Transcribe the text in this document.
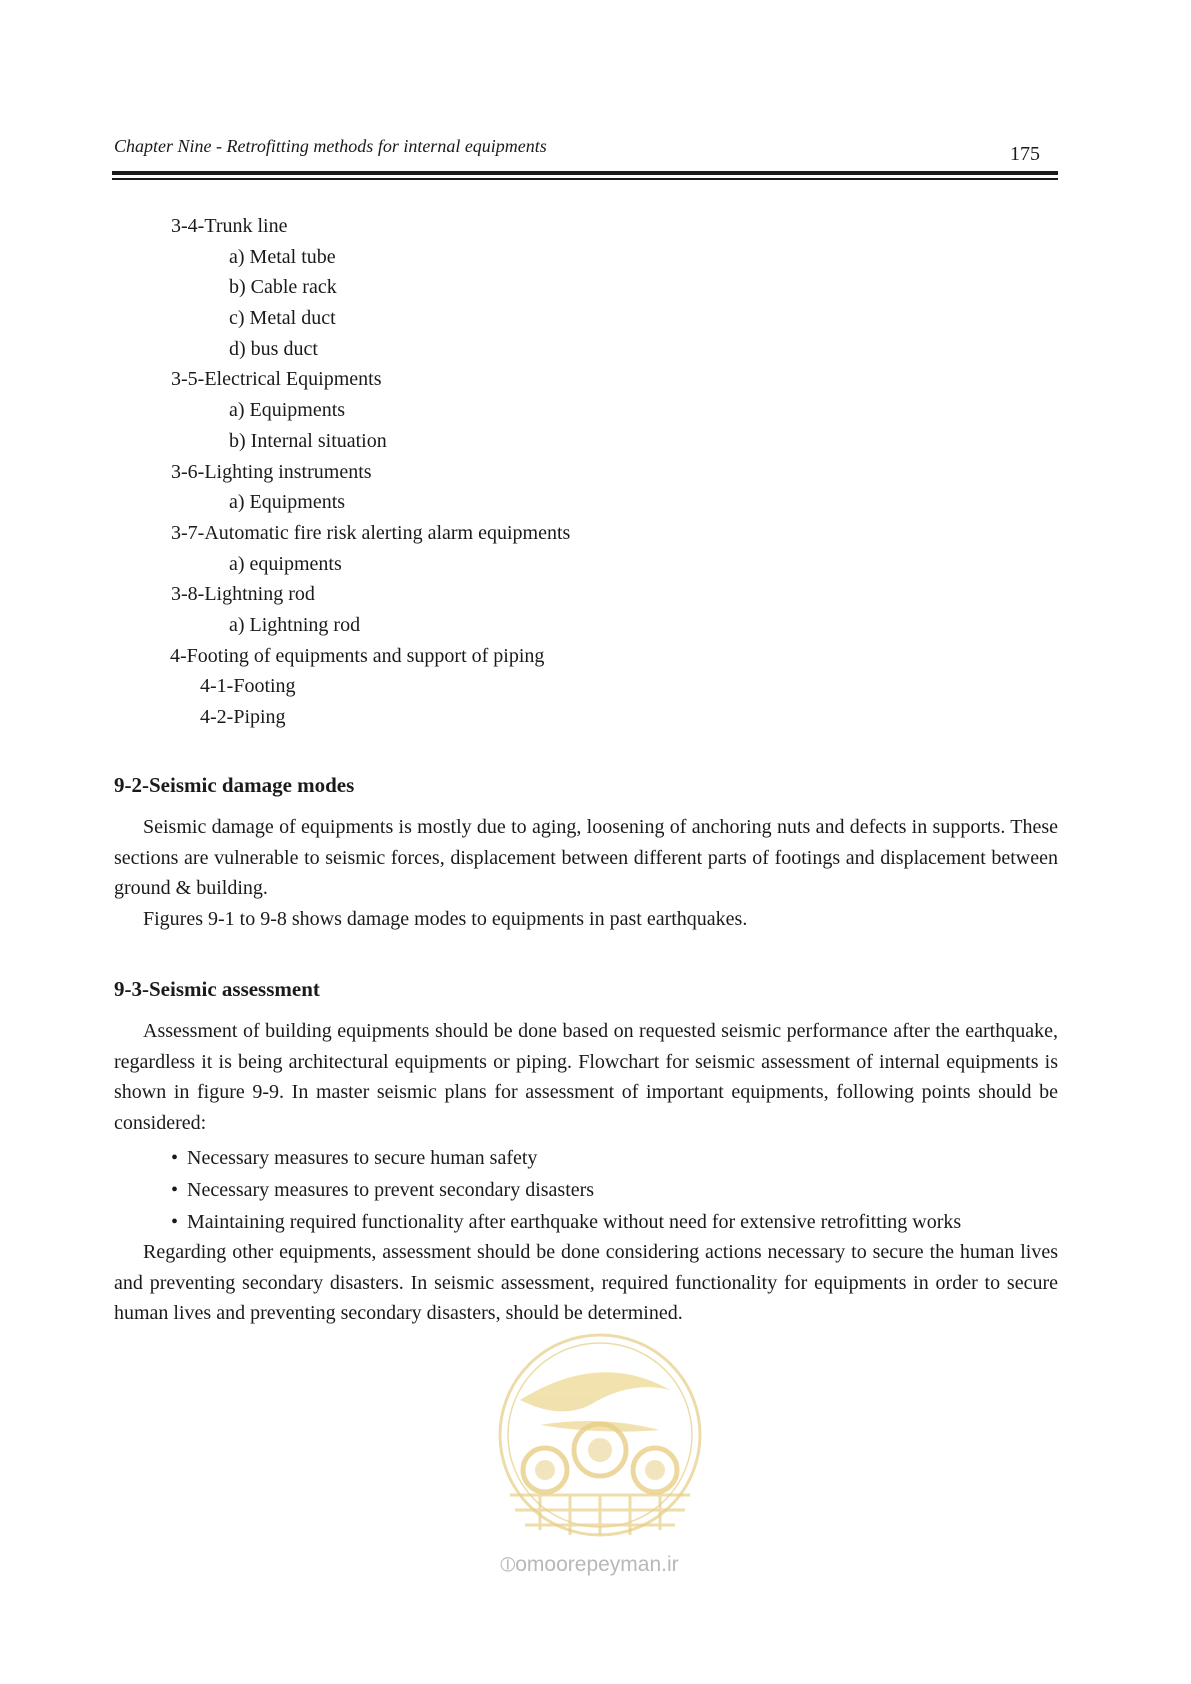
Chapter Nine - Retrofitting methods for internal equipments	175
3-4-Trunk line
a) Metal tube
b) Cable rack
c) Metal duct
d) bus duct
3-5-Electrical Equipments
a) Equipments
b) Internal situation
3-6-Lighting instruments
a) Equipments
3-7-Automatic fire risk alerting alarm equipments
a) equipments
3-8-Lightning rod
a) Lightning rod
4-Footing of equipments and support of piping
4-1-Footing
4-2-Piping
9-2-Seismic damage modes

Seismic damage of equipments is mostly due to aging, loosening of anchoring nuts and defects in supports. These sections are vulnerable to seismic forces, displacement between different parts of footings and displacement between ground & building.

Figures 9-1 to 9-8 shows damage modes to equipments in past earthquakes.

9-3-Seismic assessment

Assessment of building equipments should be done based on requested seismic performance after the earthquake, regardless it is being architectural equipments or piping. Flowchart for seismic assessment of internal equipments is shown in figure 9-9. In master seismic plans for assessment of important equipments, following points should be considered:

• Necessary measures to secure human safety
• Necessary measures to prevent secondary disasters
• Maintaining required functionality after earthquake without need for extensive retrofitting works

Regarding other equipments, assessment should be done considering actions necessary to secure the human lives and preventing secondary disasters. In seismic assessment, required functionality for equipments in order to secure human lives and preventing secondary disasters, should be determined.

⦶omoorepeyman.ir
